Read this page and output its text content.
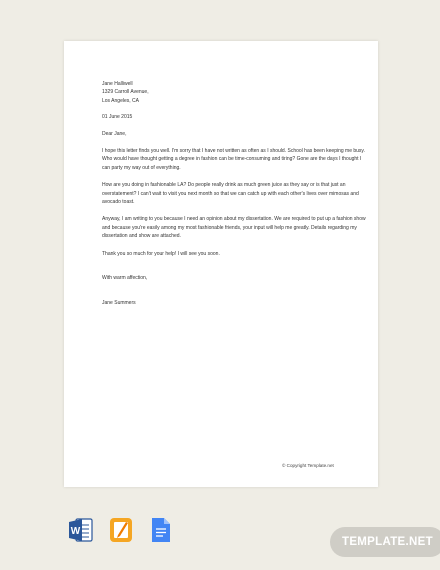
Jane Halliwell

1329 Carroll Avenue,

Los Angeles, CA

01 June 2015

Dear Jane,

I hope this letter finds you well. I'm sorry that I have not written as often as I should. School has been keeping me busy. Who would have thought getting a degree in fashion can be time-consuming and tiring? Gone are the days I thought I can party my way out of everything.

How are you doing in fashionable LA? Do people really drink as much green juice as they say or is that just an overstatement? I can't wait to visit you next month so that we can catch up with each other's lives over mimosas and avocado toast.

Anyway, I am writing to you because I need an opinion about my dissertation. We are required to put up a fashion show and because you're easily among my most fashionable friends, your input will help me greatly. Details regarding my dissertation and show are attached.

Thank you so much for your help! I will see you soon.

With warm affection,

Jane Summers

© Copyright Template.net
W
TEMPLATE.NET
